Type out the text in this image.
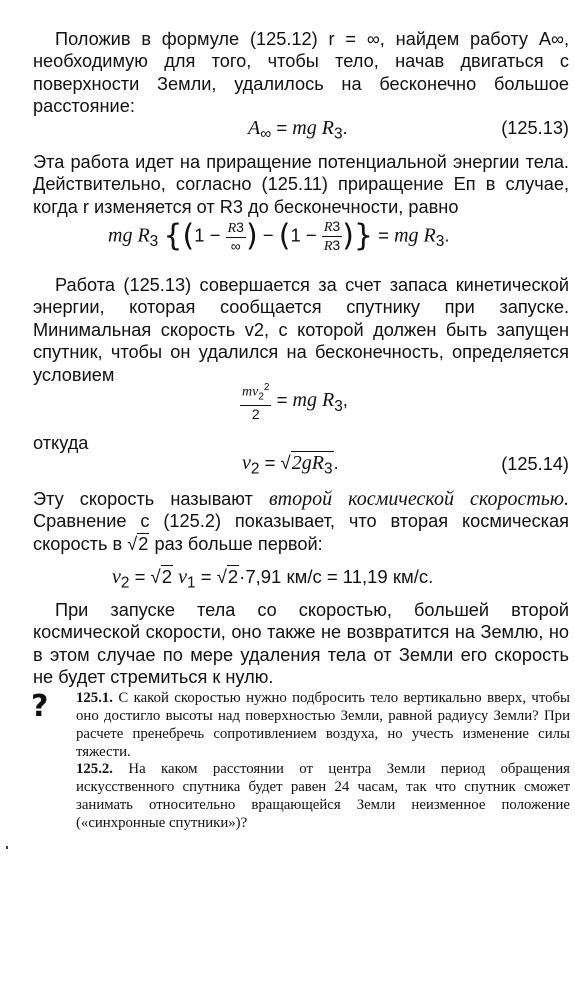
Положив в формуле (125.12) r = ∞, найдем работу A∞, необходимую для того, чтобы тело, начав двигаться с поверхности Земли, удалилось на бесконечно большое расстояние:

$A_\infty$ = mg $R_3$.	(125.13)

Эта работа идет на приращение потенциальной энергии тела. Действительно, согласно (125.11) приращение Eп в случае, когда r изменяется от R3 до бесконечности, равно

mg $R_3$ {($1 - \frac{R3}{\infty}$ ) − ($1 - \frac{R3}{R3}$ )} = mg $R_3$.

Работа (125.13) совершается за счет запаса кинетической энергии, которая сообщается спутнику при запуске. Минимальная скорость v2, с которой должен быть запущен спутник, чтобы он удалился на бесконечность, определяется условием

$\frac{mv_2^2}{2}$ = mg $R_3$,
откуда
$v_2 = √2gR_3$.	(125.14)

Эту скорость называют второй космической скоростью. Сравнение с (125.2) показывает, что вторая космическая скорость в √2 раз больше первой:

$v_2 = √2$ $v_1 = √2\cdot 7,91$ км/с = 11,19 км/с.

При запуске тела со скоростью, большей второй космической скорости, оно также не возвратится на Землю, но в этом случае по мере удаления тела от Земли его скорость не будет стремиться к нулю.

? 125.1. С какой скоростью нужно подбросить тело вертикально вверх, чтобы оно достигло высоты над поверхностью Земли, равной радиусу Земли? При расчете пренебречь сопротивлением воздуха, но учесть изменение силы тяжести.

125.2. На каком расстоянии от центра Земли период обращения искусственного спутника будет равен 24 часам, так что спутник сможет занимать относительно вращающейся Земли неизменное положение («синхронные спутники»)?
